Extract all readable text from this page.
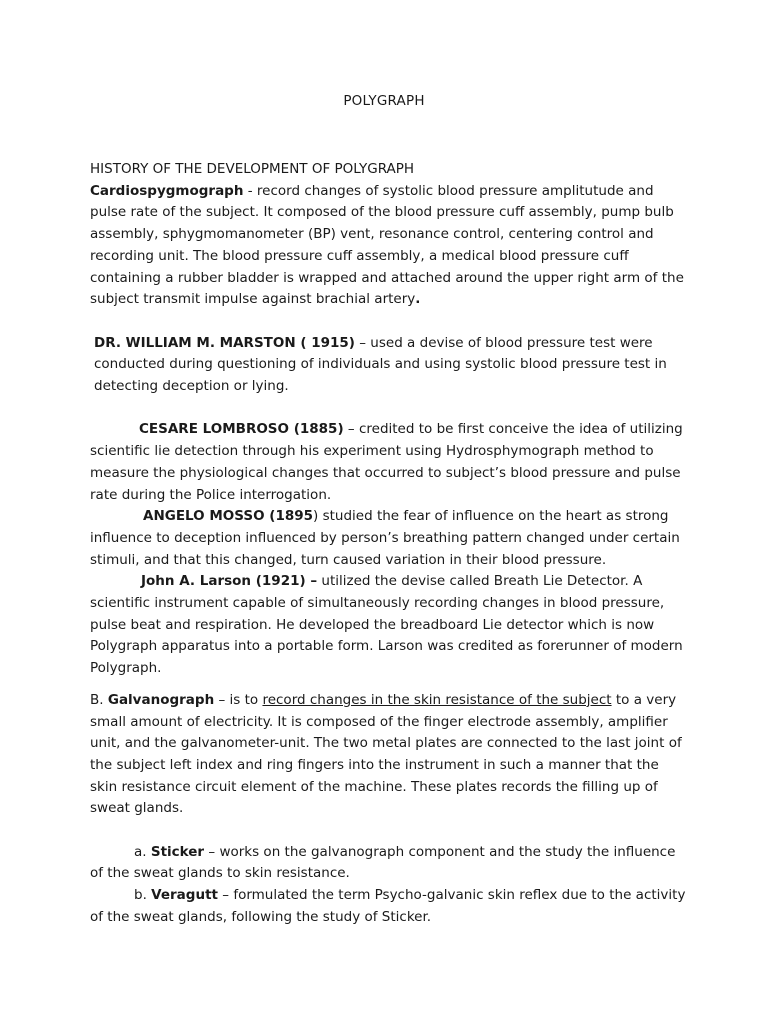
POLYGRAPH

HISTORY OF THE DEVELOPMENT OF POLYGRAPH

Cardiospygmograph - record changes of systolic blood pressure amplitutude and pulse rate of the subject. It composed of the blood pressure cuff assembly, pump bulb assembly, sphygmomanometer (BP) vent, resonance control, centering control and recording unit. The blood pressure cuff assembly, a medical blood pressure cuff containing a rubber bladder is wrapped and attached around the upper right arm of the subject transmit impulse against brachial artery.

DR. WILLIAM M. MARSTON ( 1915) – used a devise of blood pressure test were conducted during questioning of individuals and using systolic blood pressure test in detecting deception or lying.

CESARE LOMBROSO (1885) – credited to be first conceive the idea of utilizing scientific lie detection through his experiment using Hydrosphymograph method to measure the physiological changes that occurred to subject’s blood pressure and pulse rate during the Police interrogation.

ANGELO MOSSO (1895) studied the fear of influence on the heart as strong influence to deception influenced by person’s breathing pattern changed under certain stimuli, and that this changed, turn caused variation in their blood pressure.

John A. Larson (1921) – utilized the devise called Breath Lie Detector. A scientific instrument capable of simultaneously recording changes in blood pressure, pulse beat and respiration. He developed the breadboard Lie detector which is now Polygraph apparatus into a portable form. Larson was credited as forerunner of modern Polygraph.

B. Galvanograph – is to record changes in the skin resistance of the subject to a very small amount of electricity. It is composed of the finger electrode assembly, amplifier unit, and the galvanometer-unit. The two metal plates are connected to the last joint of the subject left index and ring fingers into the instrument in such a manner that the skin resistance circuit element of the machine. These plates records the filling up of sweat glands.

a. Sticker – works on the galvanograph component and the study the influence of the sweat glands to skin resistance.

b. Veragutt – formulated the term Psycho-galvanic skin reflex due to the activity of the sweat glands, following the study of Sticker.
